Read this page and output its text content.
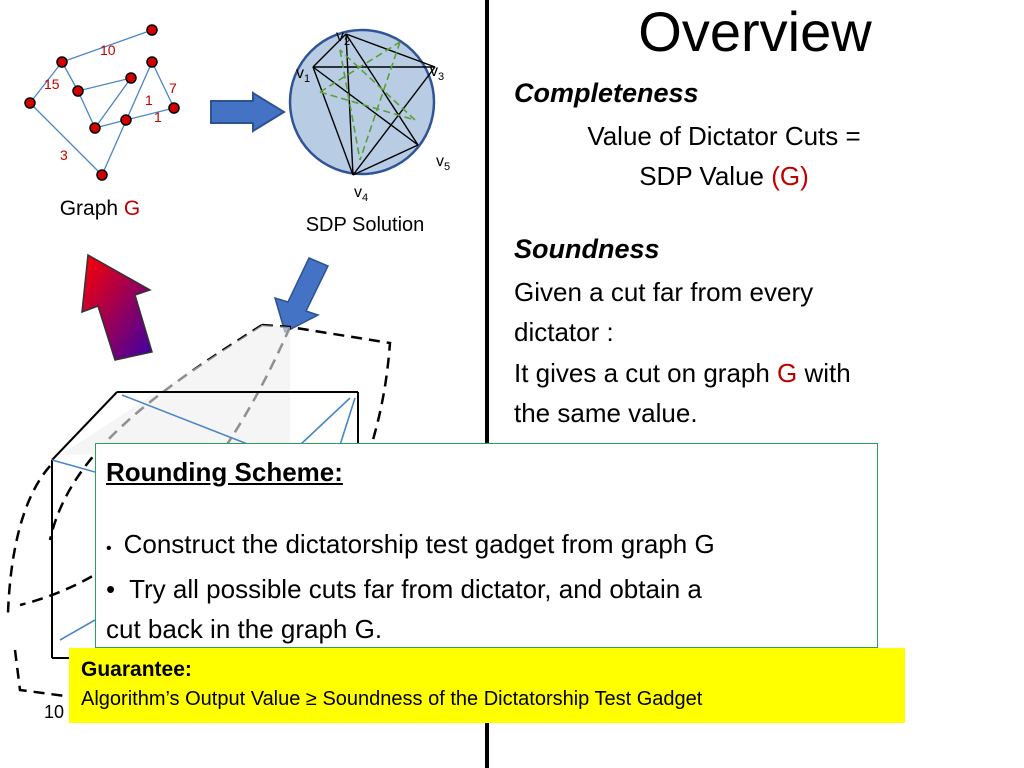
Overview
10
15	7
1
1
3
Graph G
$v_1$
$v_2$
$v_3$
$v_4$
$v_5$
SDP Solution
Completeness
Value of Dictator Cuts =
SDP Value (G)
Soundness
Given a cut far from every
dictator :
It gives a cut on graph G with
the same value.
10
Rounding Scheme:
• Construct the dictatorship test gadget from graph G
• Try all possible cuts far from dictator, and obtain a
cut back in the graph G.
Guarantee:
Algorithm’s Output Value ≥ Soundness of the Dictatorship Test Gadget
